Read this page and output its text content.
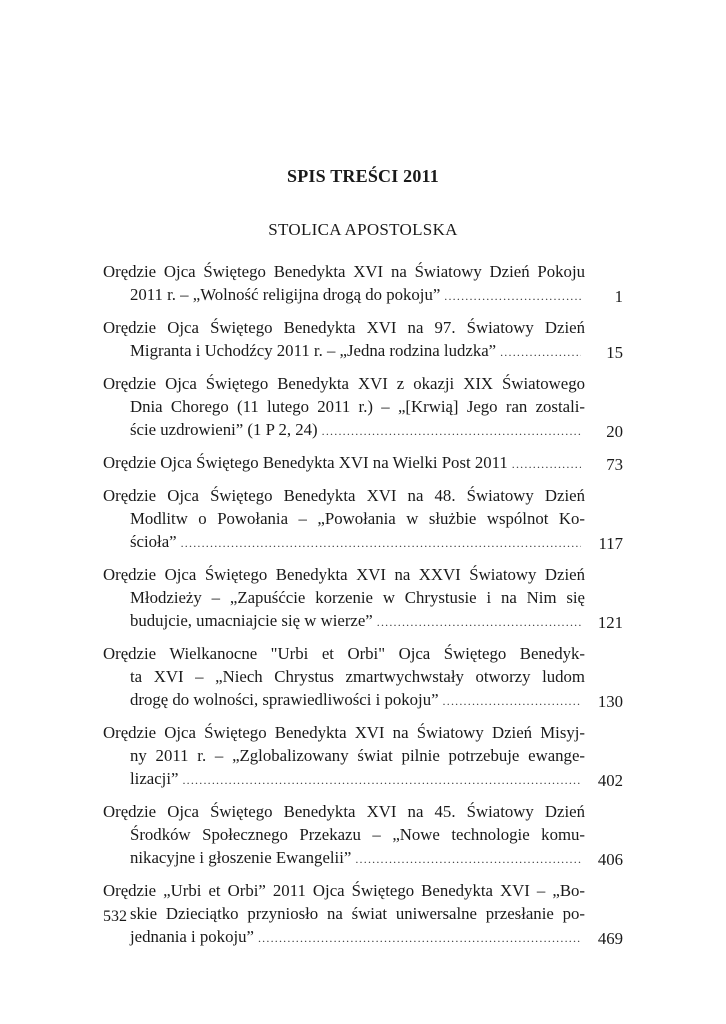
SPIS TREŚCI 2011
STOLICA APOSTOLSKA
Orędzie Ojca Świętego Benedykta XVI na Światowy Dzień Pokoju
2011 r. – „Wolność religijna drogą do pokoju” .....	1
Orędzie Ojca Świętego Benedykta XVI na 97. Światowy Dzień
Migranta i Uchodźcy 2011 r. – „Jedna rodzina ludzka” .....	15
Orędzie Ojca Świętego Benedykta XVI z okazji XIX Światowego
Dnia Chorego (11 lutego 2011 r.) – „[Krwią] Jego ran zostali-
ście uzdrowieni” (1 P 2, 24) .....	20
Orędzie Ojca Świętego Benedykta XVI na Wielki Post 2011 .....	73
Orędzie Ojca Świętego Benedykta XVI na 48. Światowy Dzień
Modlitw o Powołania – „Powołania w służbie wspólnot Ko-
ścioła” .....	117
Orędzie Ojca Świętego Benedykta XVI na XXVI Światowy Dzień
Młodzieży – „Zapuśćcie korzenie w Chrystusie i na Nim się
budujcie, umacniajcie się w wierze” .....	121
Orędzie Wielkanocne "Urbi et Orbi" Ojca Świętego Benedyk-
ta XVI – „Niech Chrystus zmartwychwstały otworzy ludom
drogę do wolności, sprawiedliwości i pokoju” .....	130
Orędzie Ojca Świętego Benedykta XVI na Światowy Dzień Misyj-
ny 2011 r. – „Zglobalizowany świat pilnie potrzebuje ewange-
lizacji” .....	402
Orędzie Ojca Świętego Benedykta XVI na 45. Światowy Dzień
Środków Społecznego Przekazu – „Nowe technologie komu-
nikacyjne i głoszenie Ewangelii” .....	406
Orędzie „Urbi et Orbi” 2011 Ojca Świętego Benedykta XVI – „Bo-
skie Dzieciątko przyniosło na świat uniwersalne przesłanie po-
jednania i pokoju” .....	469
532
